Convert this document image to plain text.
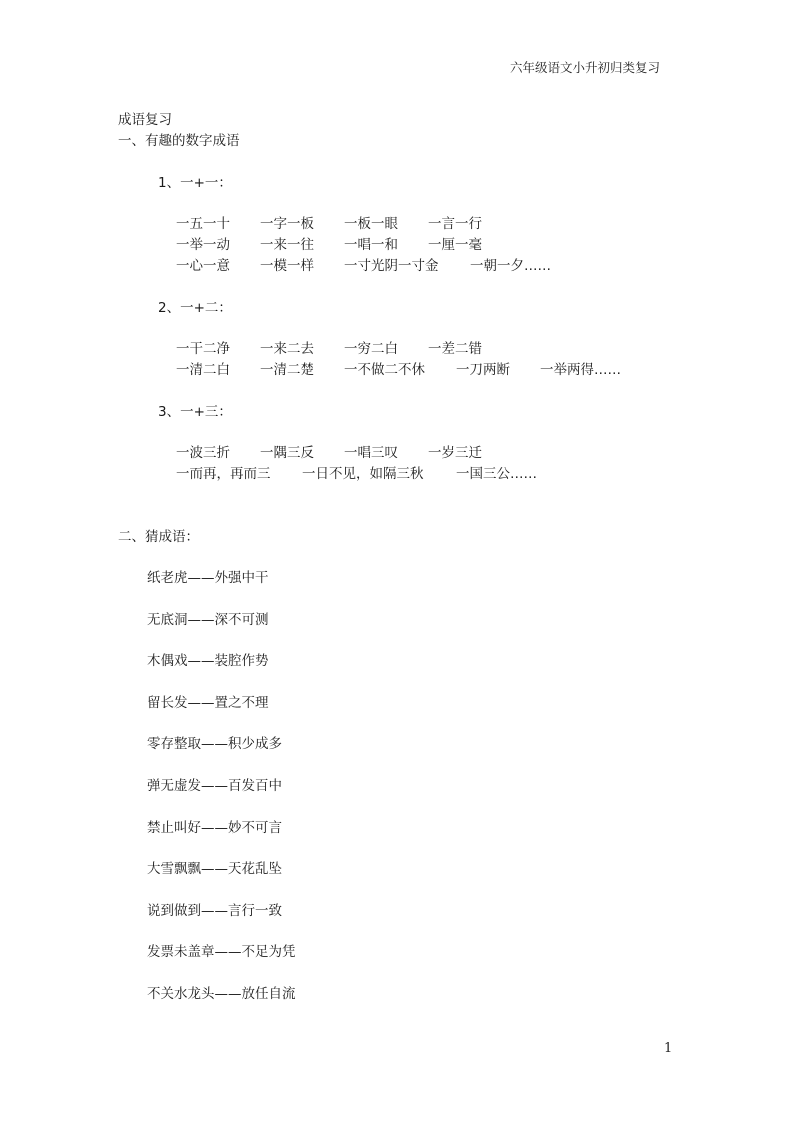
六年级语文小升初归类复习
成语复习
一、有趣的数字成语
1、一+一：
一五一十 一字一板 一板一眼 一言一行
一举一动 一来一往 一唱一和 一厘一毫
一心一意 一模一样 一寸光阴一寸金 一朝一夕……
2、一+二：
一干二净 一来二去 一穷二白 一差二错
一清二白 一清二楚 一不做二不休 一刀两断 一举两得……
3、一+三：
一波三折 一隅三反 一唱三叹 一岁三迁
一而再，再而三 一日不见，如隔三秋 一国三公……
二、猜成语：
纸老虎——外强中干
无底洞——深不可测
木偶戏——装腔作势
留长发——置之不理
零存整取——积少成多
弹无虚发——百发百中
禁止叫好——妙不可言
大雪飘飘——天花乱坠
说到做到——言行一致
发票未盖章——不足为凭
不关水龙头——放任自流
1
